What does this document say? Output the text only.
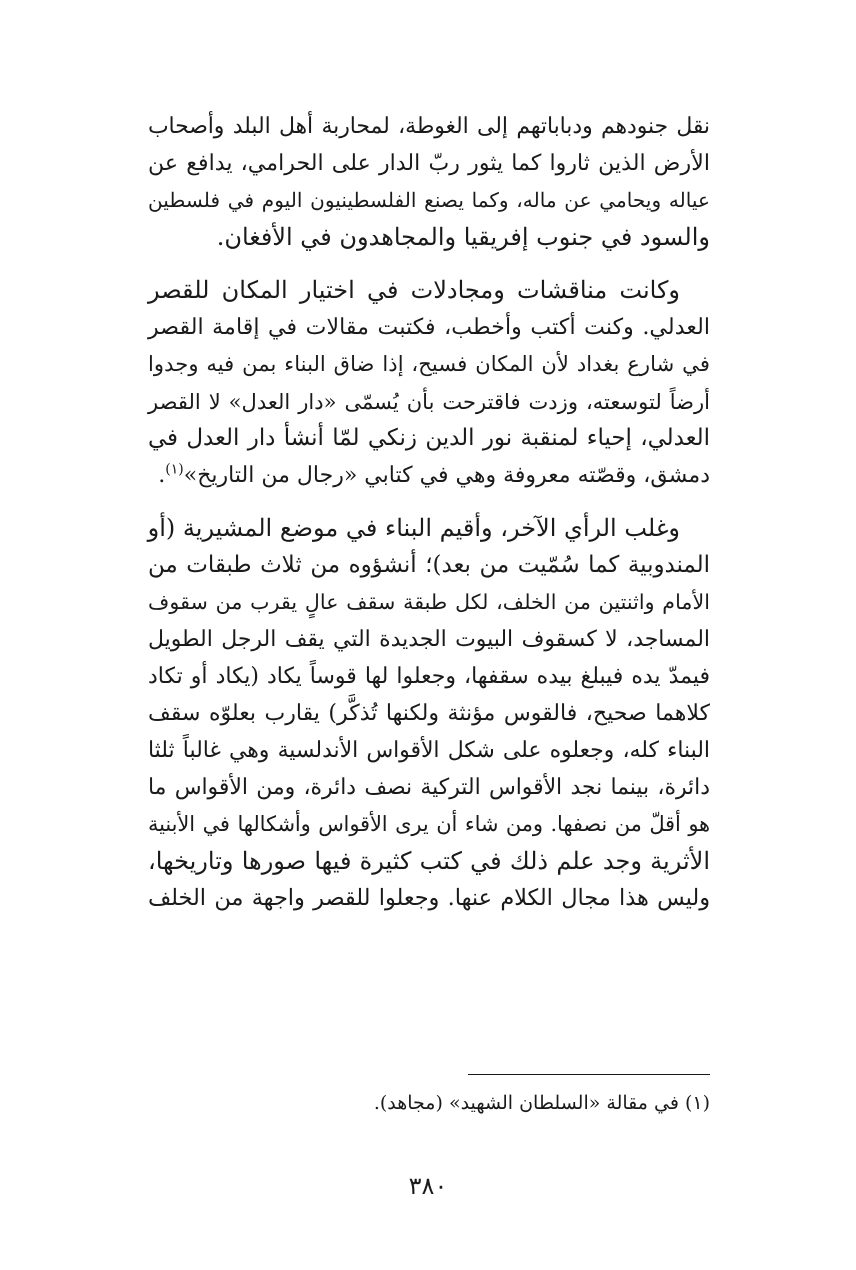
نقل جنودهم ودباباتهم إلى الغوطة، لمحاربة أهل البلد وأصحاب
الأرض الذين ثاروا كما يثور ربّ الدار على الحرامي، يدافع عن
عياله ويحامي عن ماله، وكما يصنع الفلسطينيون اليوم في فلسطين
والسود في جنوب إفريقيا والمجاهدون في الأفغان.

وكانت مناقشات ومجادلات في اختيار المكان للقصر
العدلي. وكنت أكتب وأخطب، فكتبت مقالات في إقامة القصر
في شارع بغداد لأن المكان فسيح، إذا ضاق البناء بمن فيه وجدوا
أرضاً لتوسعته، وزدت فاقترحت بأن يُسمّى «دار العدل» لا القصر
العدلي، إحياء لمنقبة نور الدين زنكي لمّا أنشأ دار العدل في
دمشق، وقصّته معروفة وهي في كتابي «رجال من التاريخ»$^{(١)}$.

وغلب الرأي الآخر، وأقيم البناء في موضع المشيرية (أو
المندوبية كما سُمّيت من بعد)؛ أنشؤوه من ثلاث طبقات من
الأمام واثنتين من الخلف، لكل طبقة سقف عالٍ يقرب من سقوف
المساجد، لا كسقوف البيوت الجديدة التي يقف الرجل الطويل
فيمدّ يده فيبلغ بيده سقفها، وجعلوا لها قوساً يكاد (يكاد أو تكاد
كلاهما صحيح، فالقوس مؤنثة ولكنها تُذكَّر) يقارب بعلوّه سقف
البناء كله، وجعلوه على شكل الأقواس الأندلسية وهي غالباً ثلثا
دائرة، بينما نجد الأقواس التركية نصف دائرة، ومن الأقواس ما
هو أقلّ من نصفها. ومن شاء أن يرى الأقواس وأشكالها في الأبنية
الأثرية وجد علم ذلك في كتب كثيرة فيها صورها وتاريخها،
وليس هذا مجال الكلام عنها. وجعلوا للقصر واجهة من الخلف

(١) في مقالة «السلطان الشهيد» (مجاهد).
٣٨٠
